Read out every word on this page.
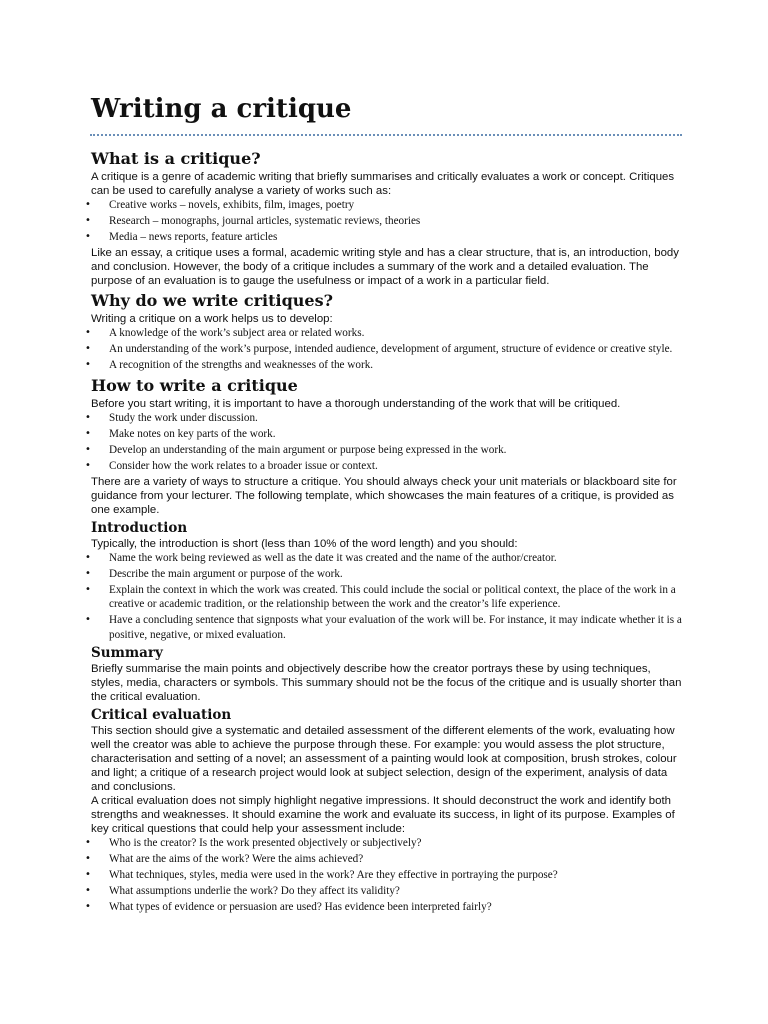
Writing a critique
What is a critique?

A critique is a genre of academic writing that briefly summarises and critically evaluates a work or concept. Critiques can be used to carefully analyse a variety of works such as:

• Creative works – novels, exhibits, film, images, poetry
• Research – monographs, journal articles, systematic reviews, theories
• Media – news reports, feature articles

Like an essay, a critique uses a formal, academic writing style and has a clear structure, that is, an introduction, body and conclusion. However, the body of a critique includes a summary of the work and a detailed evaluation. The purpose of an evaluation is to gauge the usefulness or impact of a work in a particular field.

Why do we write critiques?

Writing a critique on a work helps us to develop:

• A knowledge of the work’s subject area or related works.
• An understanding of the work’s purpose, intended audience, development of argument, structure of evidence or creative style.
• A recognition of the strengths and weaknesses of the work.
How to write a critique

Before you start writing, it is important to have a thorough understanding of the work that will be critiqued.

• Study the work under discussion.
• Make notes on key parts of the work.
• Develop an understanding of the main argument or purpose being expressed in the work.
• Consider how the work relates to a broader issue or context.

There are a variety of ways to structure a critique. You should always check your unit materials or blackboard site for guidance from your lecturer. The following template, which showcases the main features of a critique, is provided as one example.

Introduction

Typically, the introduction is short (less than 10% of the word length) and you should:

• Name the work being reviewed as well as the date it was created and the name of the author/creator.
• Describe the main argument or purpose of the work.
• Explain the context in which the work was created. This could include the social or political context, the place of the work in a creative or academic tradition, or the relationship between the work and the creator’s life experience.
• Have a concluding sentence that signposts what your evaluation of the work will be. For instance, it may indicate whether it is a positive, negative, or mixed evaluation.
Summary

Briefly summarise the main points and objectively describe how the creator portrays these by using techniques, styles, media, characters or symbols. This summary should not be the focus of the critique and is usually shorter than the critical evaluation.

Critical evaluation

This section should give a systematic and detailed assessment of the different elements of the work, evaluating how well the creator was able to achieve the purpose through these. For example: you would assess the plot structure, characterisation and setting of a novel; an assessment of a painting would look at composition, brush strokes, colour and light; a critique of a research project would look at subject selection, design of the experiment, analysis of data and conclusions.

A critical evaluation does not simply highlight negative impressions. It should deconstruct the work and identify both strengths and weaknesses. It should examine the work and evaluate its success, in light of its purpose. Examples of key critical questions that could help your assessment include:

• Who is the creator? Is the work presented objectively or subjectively?
• What are the aims of the work? Were the aims achieved?
• What techniques, styles, media were used in the work? Are they effective in portraying the purpose?
• What assumptions underlie the work? Do they affect its validity?
• What types of evidence or persuasion are used? Has evidence been interpreted fairly?
